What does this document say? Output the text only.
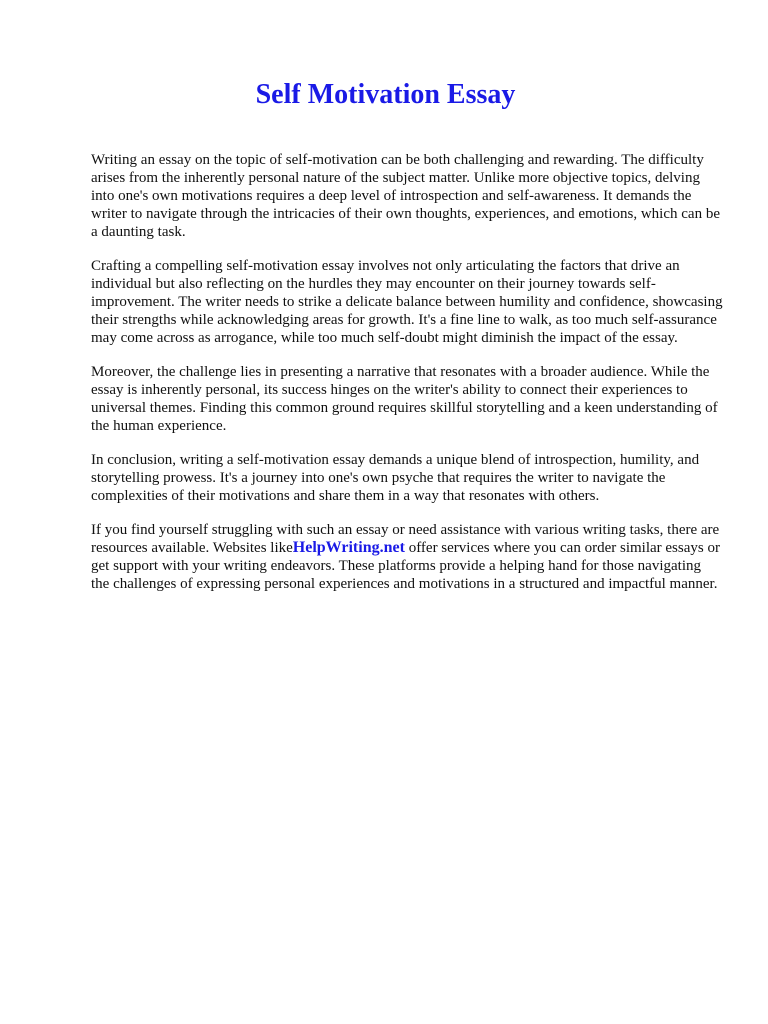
Self Motivation Essay

Writing an essay on the topic of self-motivation can be both challenging and rewarding. The difficulty arises from the inherently personal nature of the subject matter. Unlike more objective topics, delving into one's own motivations requires a deep level of introspection and self-awareness. It demands the writer to navigate through the intricacies of their own thoughts, experiences, and emotions, which can be a daunting task.

Crafting a compelling self-motivation essay involves not only articulating the factors that drive an individual but also reflecting on the hurdles they may encounter on their journey towards self-improvement. The writer needs to strike a delicate balance between humility and confidence, showcasing their strengths while acknowledging areas for growth. It's a fine line to walk, as too much self-assurance may come across as arrogance, while too much self-doubt might diminish the impact of the essay.

Moreover, the challenge lies in presenting a narrative that resonates with a broader audience. While the essay is inherently personal, its success hinges on the writer's ability to connect their experiences to universal themes. Finding this common ground requires skillful storytelling and a keen understanding of the human experience.

In conclusion, writing a self-motivation essay demands a unique blend of introspection, humility, and storytelling prowess. It's a journey into one's own psyche that requires the writer to navigate the complexities of their motivations and share them in a way that resonates with others.

If you find yourself struggling with such an essay or need assistance with various writing tasks, there are resources available. Websites likeHelpWriting.net offer services where you can order similar essays or get support with your writing endeavors. These platforms provide a helping hand for those navigating the challenges of expressing personal experiences and motivations in a structured and impactful manner.
